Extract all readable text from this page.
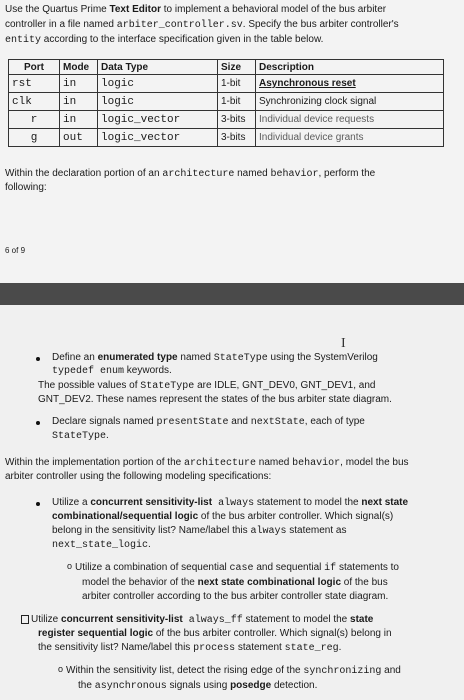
Use the Quartus Prime Text Editor to implement a behavioral model of the bus arbiter
controller in a file named arbiter_controller.sv. Specify the bus arbiter controller's
entity according to the interface specification given in the table below.
Port	Mode	Data Type	Size	Description
rst	in	logic	1-bit	Asynchronous reset
clk	in	logic	1-bit	Synchronizing clock signal
r	in	logic_vector	3-bits	Individual device requests
g	out	logic_vector	3-bits	Individual device grants
Within the declaration portion of an architecture named behavior, perform the
following:
6 of 9
I
Define an enumerated type named StateType using the SystemVerilog
typedef enum keywords.
The possible values of StateType are IDLE, GNT_DEV0, GNT_DEV1, and
GNT_DEV2. These names represent the states of the bus arbiter state diagram.
Declare signals named presentState and nextState, each of type
StateType.
Within the implementation portion of the architecture named behavior, model the bus
arbiter controller using the following modeling specifications:
Utilize a concurrent sensitivity-list always statement to model the next state
combinational/sequential logic of the bus arbiter controller. Which signal(s)
belong in the sensitivity list? Name/label this always statement as
next_state_logic.
o Utilize a combination of sequential case and sequential if statements to
model the behavior of the next state combinational logic of the bus
arbiter controller according to the bus arbiter controller state diagram.
Utilize concurrent sensitivity-list always_ff statement to model the state
register sequential logic of the bus arbiter controller. Which signal(s) belong in
the sensitivity list? Name/label this process statement state_reg.
o Within the sensitivity list, detect the rising edge of the synchronizing and
the asynchronous signals using posedge detection.
